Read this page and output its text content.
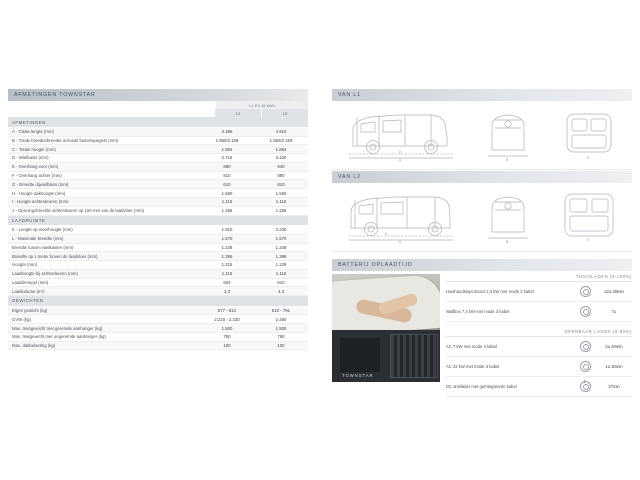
AFMETINGEN TOWNSTAR
L1 EV 45 kWh
L1	L2
AFMETINGEN		
A - Totale lengte (mm)	4.486	4.910
B - Totale breedte/breedte inclusief buitenspiegels (mm)	1.860/2.159	1.860/2.159
C - Totale hoogte (mm)	1.884	1.854
D - Wielbasis (mm)	2.716	3.100
E - Overhang voor (mm)	860	940
F - Overhang achter (mm)	810	880
G - Breedte dijwielbasis (mm)	610	610
H - Hoogte dakhoogte (mm)	1.560	1.560
I - Hoogte achterdeuren (mm)	1.115	1.115
J - Openingsbreedte achterdeuren op 150 mm van de laadvloer (mm)	1.256	1.256
LAADRUIMTE		
K - Lengte op vloerhoogte (mm)	1.810	2.230
L - Maximale breedte (mm)	1.570	1.570
Breedte tussen wielkasten (mm)	1.248	1.248
Breedte op 1 meter boven de laadvloer (mm)	1.396	1.396
Hoogte (mm)	1.215	1.229
Laadhoogte bij achterdeuren (mm)	1.115	1.115
Laaddrempel (mm)	604	610
Laadvolume (m³)	3,3	4,3
GEWICHTEN		
Eigen gewicht (kg)	577 - 812	610 - 791
GVW (kg)	2.220 - 2.230	2.480
Max. treingewicht met geremde aanhanger (kg)	1.500	1.500
Max. trekgewicht met ongeremde aanhanger (kg)	750	750
Max. dakbelasting (kg)	100	100
VAN L1
A
D
B	K
VAN L2
A
D
B	K
BATTERIJ OPLAADTIJD
TOWNSTAR
THUISLADEN (0-100%)
Huishoudstopcontact 2,3 kW met mode 2 kabel	22u 30min
Wallbox 7,4 kW met mode 3 kabel	7u
OPENBAAR LADEN (0-80%)
AC 7 kW met mode 3 kabel	2u 40min
AC 22 kW met mode 3 kabel	1u 30min
DC snellader met geïntegreerde kabel	37min
